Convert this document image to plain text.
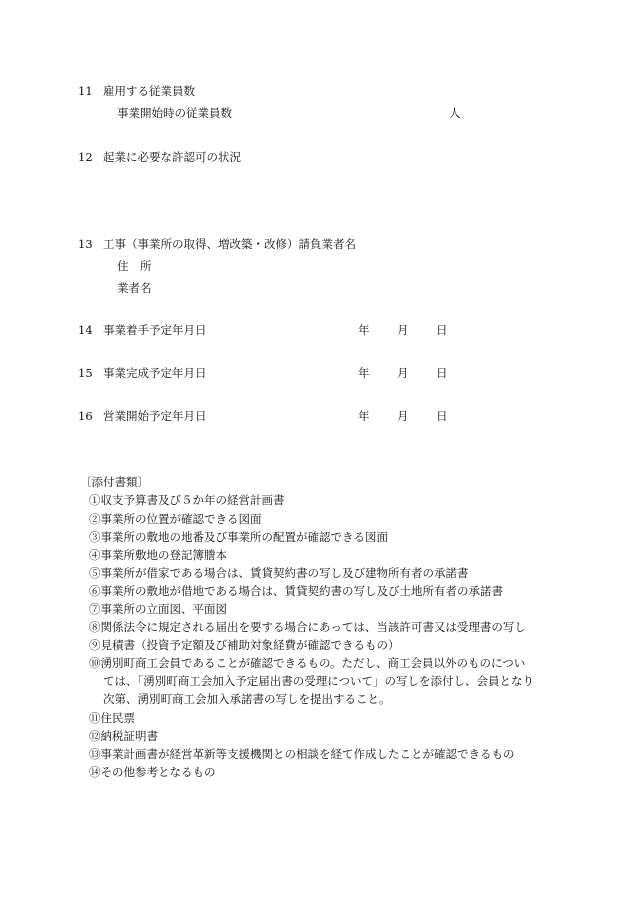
11 雇用する従業員数
事業開始時の従業員数	人
12 起業に必要な許認可の状況
13 工事（事業所の取得、増改築・改修）請負業者名
住　所
業者名
14 事業着手予定年月日	年 月 日
15 事業完成予定年月日	年 月 日
16 営業開始予定年月日	年 月 日
〔添付書類〕
①収支予算書及び５か年の経営計画書
②事業所の位置が確認できる図面
③事業所の敷地の地番及び事業所の配置が確認できる図面
④事業所敷地の登記簿謄本
⑤事業所が借家である場合は、賃貸契約書の写し及び建物所有者の承諾書
⑥事業所の敷地が借地である場合は、賃貸契約書の写し及び土地所有者の承諾書
⑦事業所の立面図、平面図
⑧関係法令に規定される届出を要する場合にあっては、当該許可書又は受理書の写し
⑨見積書（投資予定額及び補助対象経費が確認できるもの）
⑩湧別町商工会員であることが確認できるもの。ただし、商工会員以外のものについ
ては、「湧別町商工会加入予定届出書の受理について」の写しを添付し、会員となり
次第、湧別町商工会加入承諾書の写しを提出すること。
⑪住民票
⑫納税証明書
⑬事業計画書が経営革新等支援機関との相談を経て作成したことが確認できるもの
⑭その他参考となるもの
